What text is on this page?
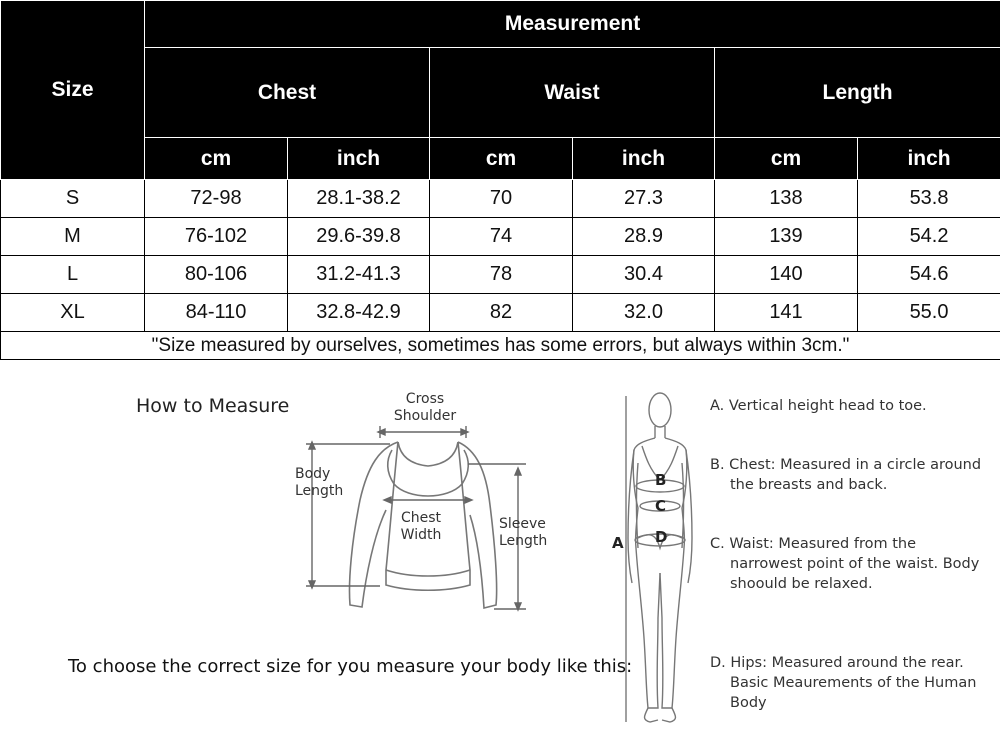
Size	Measurement					
	Chest		Waist		Length	
	cm	inch	cm	inch	cm	inch
S	72-98	28.1-38.2	70	27.3	138	53.8
M	76-102	29.6-39.8	74	28.9	139	54.2
L	80-106	31.2-41.3	78	30.4	140	54.6
XL	84-110	32.8-42.9	82	32.0	141	55.0
"Size measured by ourselves, sometimes has some errors, but always within 3cm."						
How to Measure	Cross
Shoulder
Body
Length
Chest
Width
Sleeve
Length
To choose the correct size for you measure your body like this:
B
C
D
A
A. Vertical height head to toe.
B. Chest: Measured in a circle around the breasts and back.
C. Waist: Measured from the narrowest point of the waist. Body shoould be relaxed.
D. Hips: Measured around the rear. Basic Meaurements of the Human Body
